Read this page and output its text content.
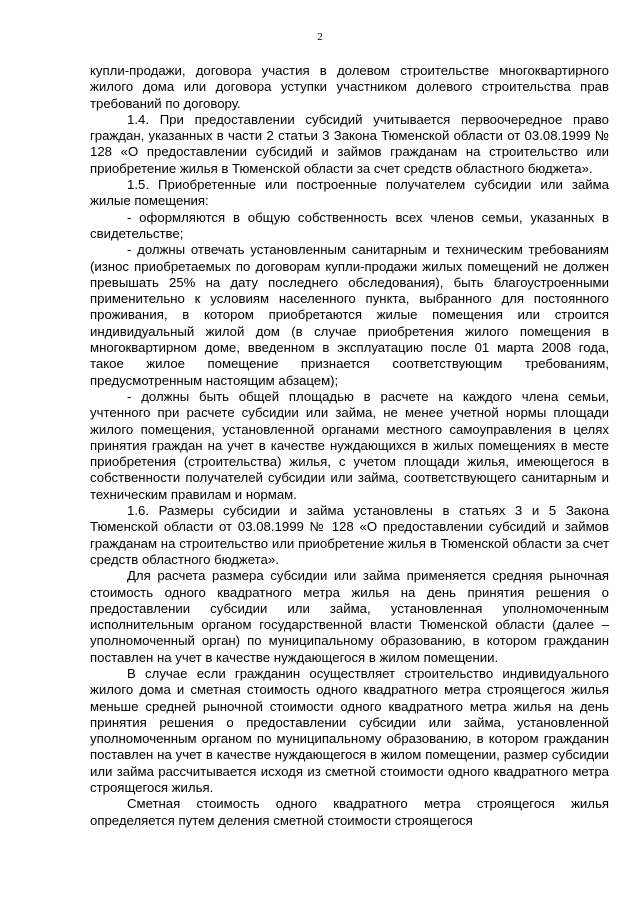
2

купли-продажи, договора участия в долевом строительстве многоквартирного жилого дома или договора уступки участником долевого строительства прав требований по договору.

1.4. При предоставлении субсидий учитывается первоочередное право граждан, указанных в части 2 статьи 3 Закона Тюменской области от 03.08.1999 № 128 «О предоставлении субсидий и займов гражданам на строительство или приобретение жилья в Тюменской области за счет средств областного бюджета».

1.5. Приобретенные или построенные получателем субсидии или займа жилые помещения:

- оформляются в общую собственность всех членов семьи, указанных в свидетельстве;

- должны отвечать установленным санитарным и техническим требованиям (износ приобретаемых по договорам купли-продажи жилых помещений не должен превышать 25% на дату последнего обследования), быть благоустроенными применительно к условиям населенного пункта, выбранного для постоянного проживания, в котором приобретаются жилые помещения или строится индивидуальный жилой дом (в случае приобретения жилого помещения в многоквартирном доме, введенном в эксплуатацию после 01 марта 2008 года, такое жилое помещение признается соответствующим требованиям, предусмотренным настоящим абзацем);

- должны быть общей площадью в расчете на каждого члена семьи, учтенного при расчете субсидии или займа, не менее учетной нормы площади жилого помещения, установленной органами местного самоуправления в целях принятия граждан на учет в качестве нуждающихся в жилых помещениях в месте приобретения (строительства) жилья, с учетом площади жилья, имеющегося в собственности получателей субсидии или займа, соответствующего санитарным и техническим правилам и нормам.

1.6. Размеры субсидии и займа установлены в статьях 3 и 5 Закона Тюменской области от 03.08.1999 № 128 «О предоставлении субсидий и займов гражданам на строительство или приобретение жилья в Тюменской области за счет средств областного бюджета».

Для расчета размера субсидии или займа применяется средняя рыночная стоимость одного квадратного метра жилья на день принятия решения о предоставлении субсидии или займа, установленная уполномоченным исполнительным органом государственной власти Тюменской области (далее – уполномоченный орган) по муниципальному образованию, в котором гражданин поставлен на учет в качестве нуждающегося в жилом помещении.

В случае если гражданин осуществляет строительство индивидуального жилого дома и сметная стоимость одного квадратного метра строящегося жилья меньше средней рыночной стоимости одного квадратного метра жилья на день принятия решения о предоставлении субсидии или займа, установленной уполномоченным органом по муниципальному образованию, в котором гражданин поставлен на учет в качестве нуждающегося в жилом помещении, размер субсидии или займа рассчитывается исходя из сметной стоимости одного квадратного метра строящегося жилья.

Сметная стоимость одного квадратного метра строящегося жилья определяется путем деления сметной стоимости строящегося
